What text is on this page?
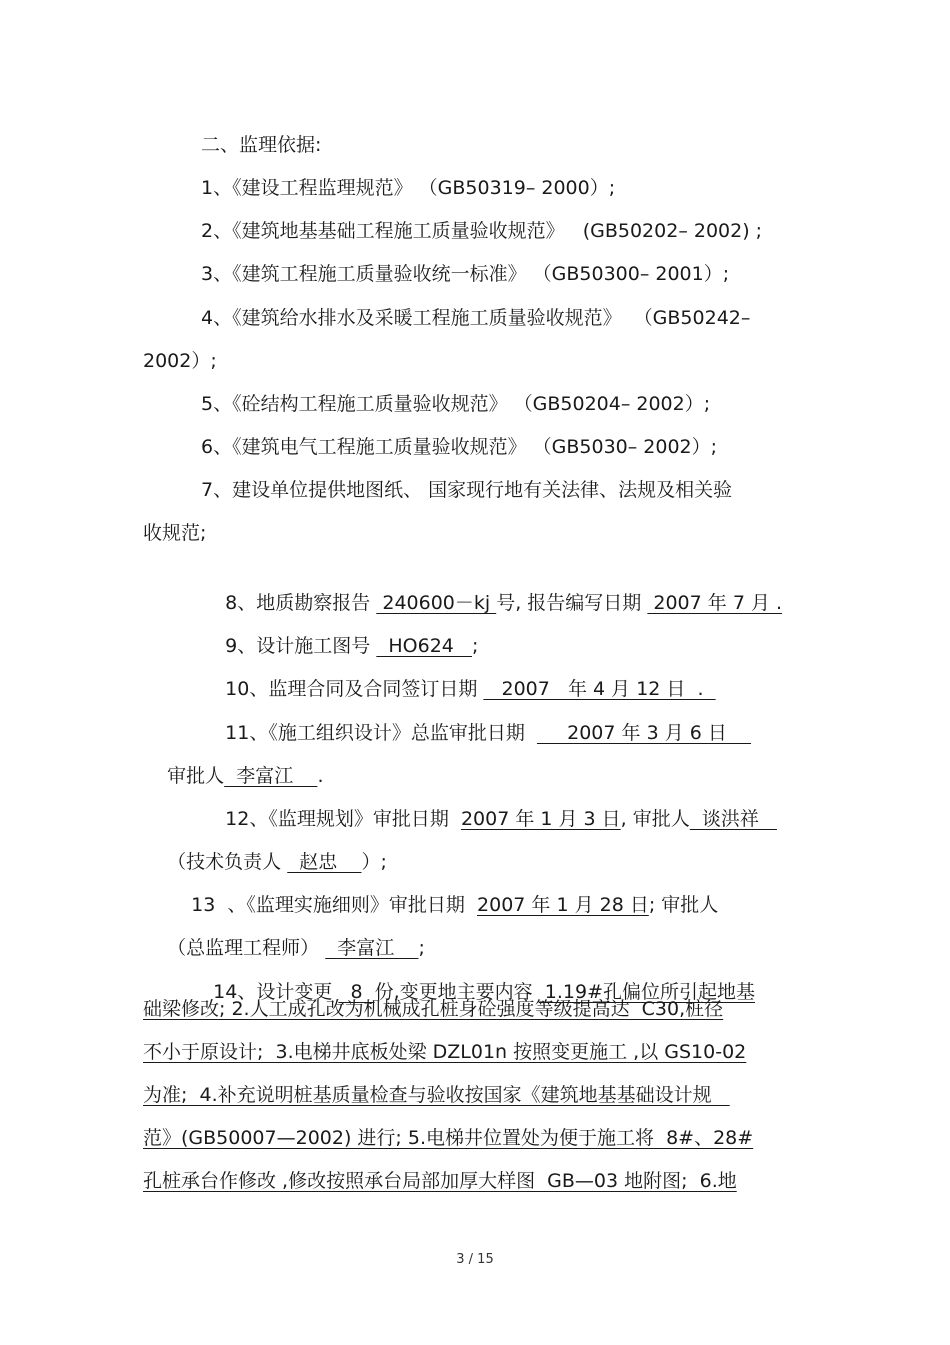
二、监理依据:
1、《建设工程监理规范》 （GB50319– 2000）;
2、《建筑地基基础工程施工质量验收规范》   (GB50202– 2002) ;
3、《建筑工程施工质量验收统一标准》 （GB50300– 2001）;
4、《建筑给水排水及采暖工程施工质量验收规范》  （GB50242–
2002）;
5、《砼结构工程施工质量验收规范》 （GB50204– 2002）;
6、《建筑电气工程施工质量验收规范》 （GB5030– 2002）;
7、建设单位提供地图纸、 国家现行地有关法律、法规及相关验
收规范;

8、地质勘察报告  240600－kj 号, 报告编写日期  2007 年 7 月 .

9、设计施工图号   HO624   ;

10、监理合同及合同签订日期    2007   年 4 月 12 日  .

11、《施工组织设计》总监审批日期       2007 年 3 月 6 日

审批人  李富江    .

12、《监理规划》审批日期  2007 年 1 月 3 日, 审批人  谈洪祥

（技术负责人   赵忠    ）;

13  、《监理实施细则》审批日期  2007 年 1 月 28 日; 审批人

（总监理工程师）   李富江    ;

14、设计变更   8  份,变更地主要内容  1.19#孔偏位所引起地基

础梁修改; 2.人工成孔改为机械成孔桩身砼强度等级提高达  C30,桩径
不小于原设计;  3.电梯井底板处梁 DZL01n 按照变更施工 ,以 GS10-02
为准;  4.补充说明桩基质量检查与验收按国家《建筑地基基础设计规
范》(GB50007—2002) 进行; 5.电梯井位置处为便于施工将  8#、28#
孔桩承台作修改 ,修改按照承台局部加厚大样图  GB—03 地附图;  6.地
3 / 15
